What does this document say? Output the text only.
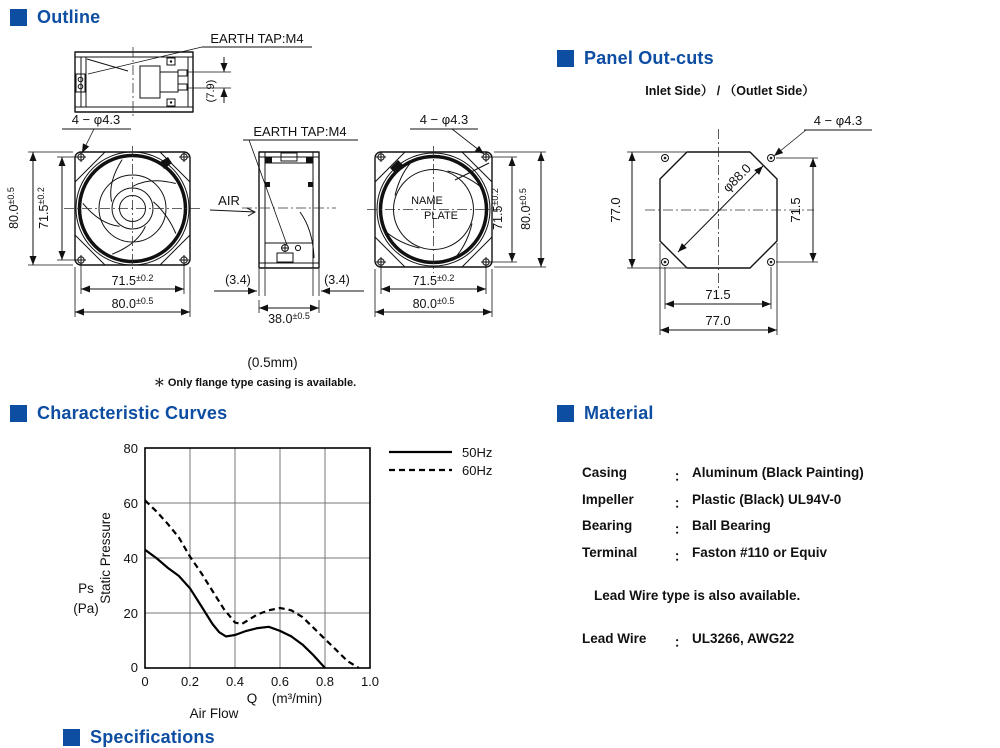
(7.9)
EARTH TAP:M4
4 − φ4.3
$80.0^{\pm 0.5}$
$71.5^{\pm 0.2}$
$71.5^{\pm 0.2}$
$80.0^{\pm 0.5}$
AIR
EARTH TAP:M4
(3.4)	(3.4)
$38.0^{\pm 0.5}$
NAME
PLATE
4 − φ4.3
$71.5^{\pm 0.2}$
$80.0^{\pm 0.5}$
$71.5^{\pm 0.2}$
$80.0^{\pm 0.5}$
φ88.0
4 − φ4.3
77.0	71.5
71.5
77.0
80
60
40
20
0
0 0.2 0.4 0.6 0.8 1.0
Static Pressure
Ps
(Pa)
Q (m³/min)
Air Flow
50Hz
60Hz
Outline
Panel Out-cuts
Inlet Side） / （Outlet Side）
(0.5mm)
＊ Only flange type casing is available.
Characteristic Curves	Material
Casing	： Aluminum (Black Painting)
Impeller	： Plastic (Black) UL94V-0
Bearing	： Ball Bearing
Terminal	： Faston #110 or Equiv
Lead Wire type is also available.
Lead Wire	： UL3266, AWG22
Specifications
